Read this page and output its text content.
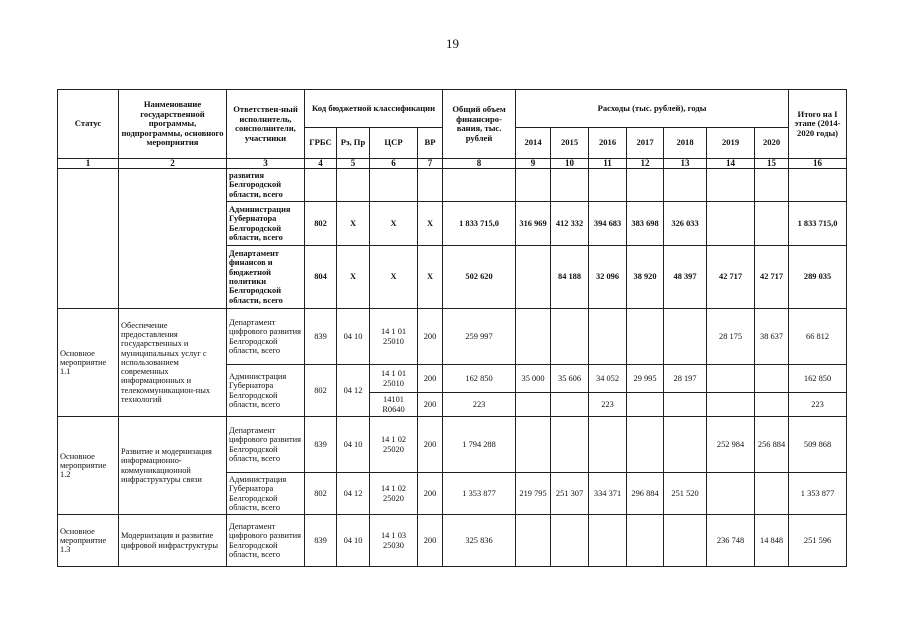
19
Статус	Наименование государственной программы, подпрограммы, основного мероприятия	Ответствен-ный исполнитель, соисполнители, участники	Код бюджетной классификации				Общий объем финансиро-вания, тыс. рублей	Расходы (тыс. рублей), годы							Итого на I этапе (2014-2020 годы)
			ГРБС	Рз, Пр	ЦСР	ВР		2014	2015	2016	2017	2018	2019	2020	
1	2	3	4	5	6	7	8	9	10	11	12	13	14	15	16
		развития Белгородской области, всего													
		Администрация Губернатора Белгородской области, всего	802	Х	Х	Х	1 833 715,0	316 969	412 332	394 683	383 698	326 033			1 833 715,0
		Департамент финансов и бюджетной политики Белгородской области, всего	804	Х	Х	Х	502 620		84 188	32 096	38 920	48 397	42 717	42 717	289 035
Основное мероприятие 1.1	Обеспечение предоставления государственных и муниципальных услуг с использованием современных информационных и телекоммуникацион-ных технологий	Департамент цифрового развития Белгородской области, всего	839	04 10	14 1 01 25010	200	259 997						28 175	38 637	66 812
		Администрация Губернатора Белгородской области, всего	802	04 12	14 1 01 25010	200	162 850	35 000	35 606	34 052	29 995	28 197			162 850
					14101 R0640	200	223			223					223
Основное мероприятие 1.2	Развитие и модернизация информационно-коммуникационной инфраструктуры связи	Департамент цифрового развития Белгородской области, всего	839	04 10	14 1 02 25020	200	1 794 288						252 984	256 884	509 868
		Администрация Губернатора Белгородской области, всего	802	04 12	14 1 02 25020	200	1 353 877	219 795	251 307	334 371	296 884	251 520			1 353 877
Основное мероприятие 1.3	Модернизация и развитие цифровой инфраструктуры	Департамент цифрового развития Белгородской области, всего	839	04 10	14 1 03 25030	200	325 836						236 748	14 848	251 596
